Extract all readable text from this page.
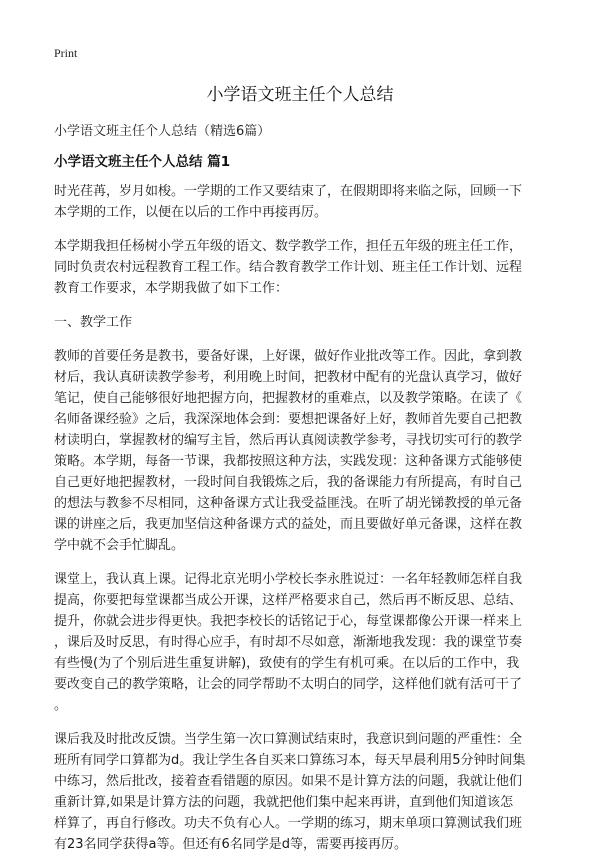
Print
小学语文班主任个人总结
小学语文班主任个人总结（精选6篇）
小学语文班主任个人总结 篇1
时光荏苒，岁月如梭。一学期的工作又要结束了，在假期即将来临之际，回顾一下
本学期的工作，以便在以后的工作中再接再厉。
本学期我担任杨树小学五年级的语文、数学教学工作，担任五年级的班主任工作，
同时负责农村远程教育工程工作。结合教育教学工作计划、班主任工作计划、远程
教育工作要求，本学期我做了如下工作：
一、教学工作
教师的首要任务是教书，要备好课，上好课，做好作业批改等工作。因此，拿到教
材后，我认真研读教学参考，利用晚上时间，把教材中配有的光盘认真学习，做好
笔记，使自己能够很好地把握方向，把握教材的重难点，以及教学策略。在读了《
名师备课经验》之后，我深深地体会到：要想把课备好上好，教师首先要自己把教
材读明白，掌握教材的编写主旨，然后再认真阅读教学参考，寻找切实可行的教学
策略。本学期，每备一节课，我都按照这种方法，实践发现：这种备课方式能够使
自己更好地把握教材，一段时间自我锻炼之后，我的备课能力有所提高，有时自己
的想法与教参不尽相同，这种备课方式让我受益匪浅。在听了胡光锑教授的单元备
课的讲座之后，我更加坚信这种备课方式的益处，而且要做好单元备课，这样在教
学中就不会手忙脚乱。
课堂上，我认真上课。记得北京光明小学校长李永胜说过：一名年轻教师怎样自我
提高，你要把每堂课都当成公开课，这样严格要求自己，然后再不断反思、总结、
提升，你就会进步得更快。我把李校长的话铭记于心，每堂课都像公开课一样来上
，课后及时反思，有时得心应手，有时却不尽如意，渐渐地我发现：我的课堂节奏
有些慢(为了个别后进生重复讲解)，致使有的学生有机可乘。在以后的工作中，我
要改变自己的教学策略，让会的同学帮助不太明白的同学，这样他们就有活可干了
。
课后我及时批改反馈。当学生第一次口算测试结束时，我意识到问题的严重性：全
班所有同学口算都为d。我让学生各自买来口算练习本，每天早晨利用5分钟时间集
中练习，然后批改，接着查看错题的原因。如果不是计算方法的问题，我就让他们
重新计算,如果是计算方法的问题，我就把他们集中起来再讲，直到他们知道该怎
样算了，再自行修改。功夫不负有心人。一学期的练习，期末单项口算测试我们班
有23名同学获得a等。但还有6名同学是d等，需要再接再厉。
